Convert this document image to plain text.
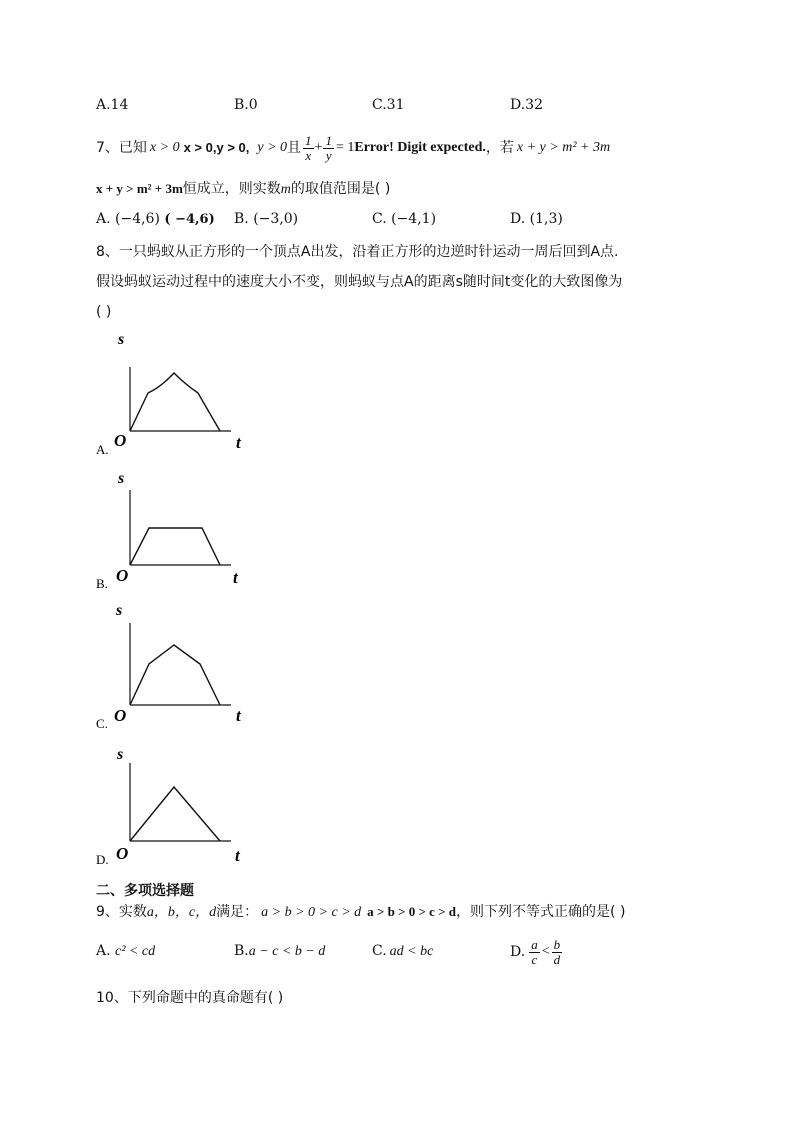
A.14	B.0	C.31	D.32
7、已知 x > 0 x > 0,y > 0, y > 0 且 $\frac{1}{x} + \frac{1}{y} = 1$ Error! Digit expected. ，若 x + y > m² + 3m
x + y > m² + 3m恒成立，则实数m的取值范围是( )
A. (−4,6) ( −4,6) B. (−3,0)	C. (−4,1)	D. (1,3)
8、一只蚂蚁从正方形的一个顶点A出发，沿着正方形的边逆时针运动一周后回到A点.
假设蚂蚁运动过程中的速度大小不变，则蚂蚁与点A的距离s随时间t变化的大致图像为
( )
s
O	t
A.
s
O	t
B.
s
O	t
C.
s
O	t
D.
二、多项选择题
9、实数a，b，c，d满足： a > b > 0 > c > d a > b > 0 > c > d，则下列不等式正确的是( )
A. c² < cd	B.a − c < b − d	C. ad < bc	D. $\frac{a}{c} < \frac{b}{d}$
10、下列命题中的真命题有( )
